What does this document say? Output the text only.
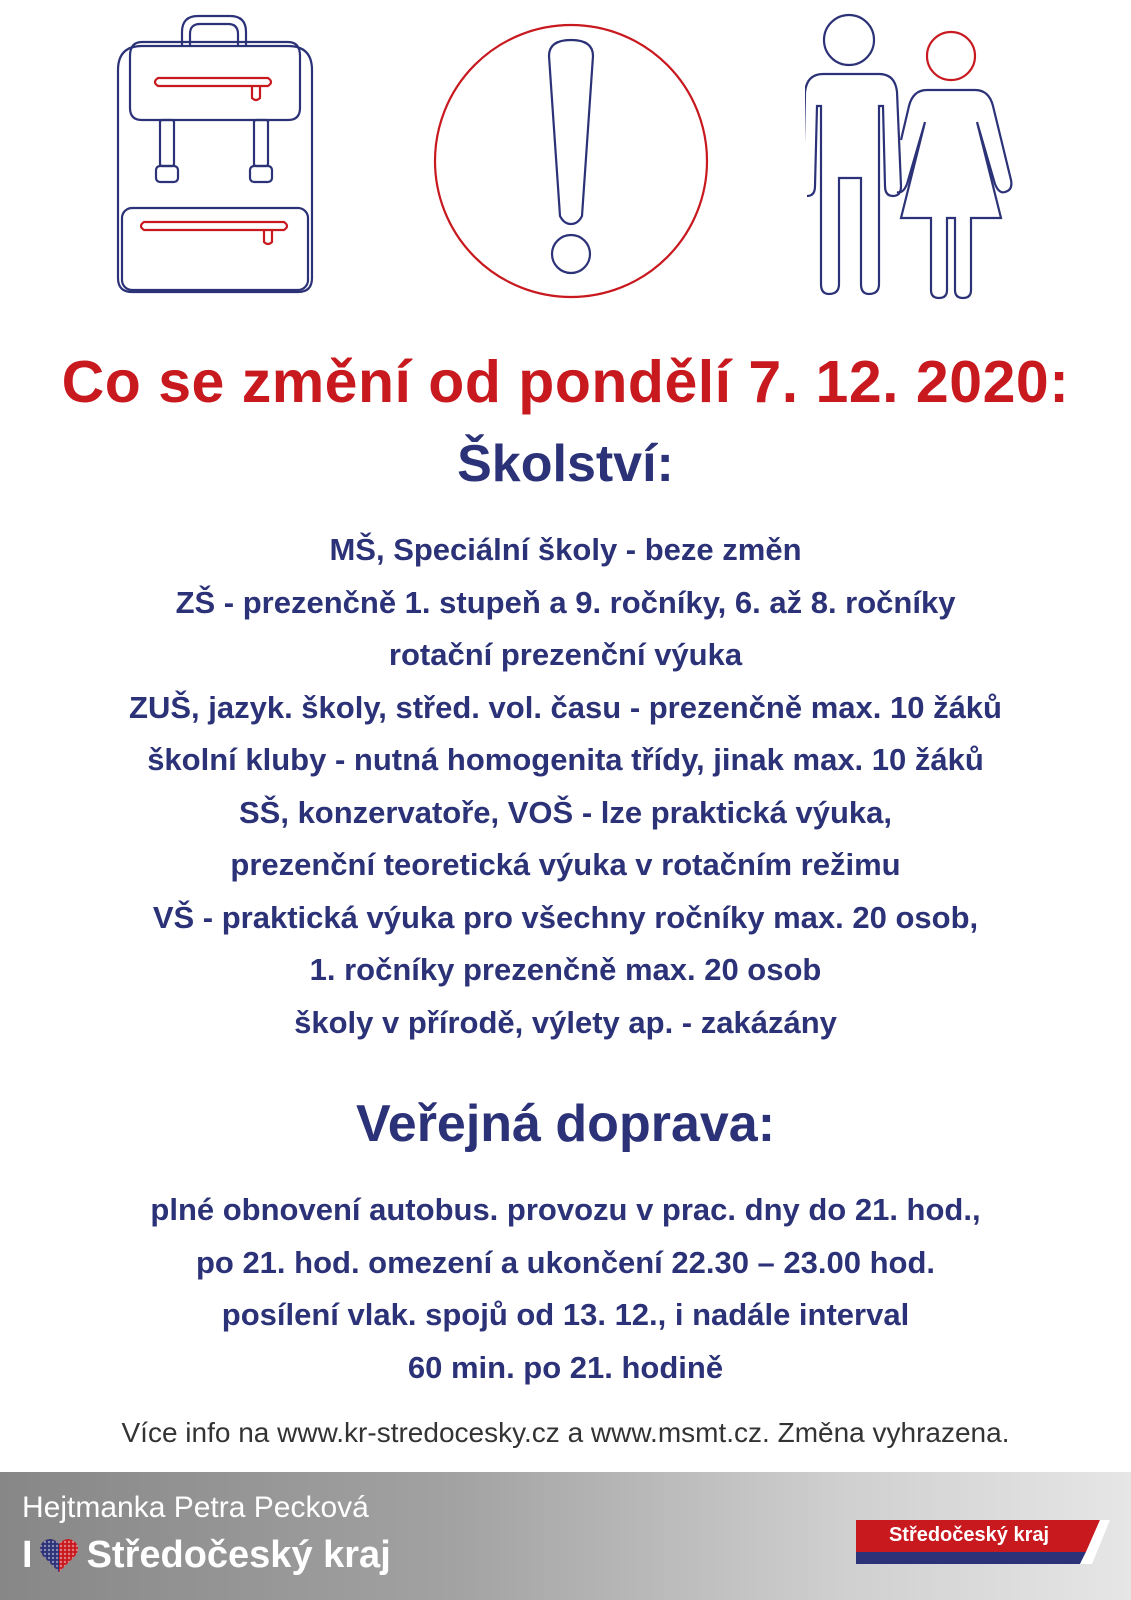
Co se změní od pondělí 7. 12. 2020:
Školství:
MŠ, Speciální školy - beze změn
ZŠ - prezenčně 1. stupeň a 9. ročníky, 6. až 8. ročníky
rotační prezenční výuka
ZUŠ, jazyk. školy, střed. vol. času - prezenčně max. 10 žáků
školní kluby - nutná homogenita třídy, jinak max. 10 žáků
SŠ, konzervatoře, VOŠ - lze praktická výuka,
prezenční teoretická výuka v rotačním režimu
VŠ - praktická výuka pro všechny ročníky max. 20 osob,
1. ročníky prezenčně max. 20 osob
školy v přírodě, výlety ap. - zakázány
Veřejná doprava:
plné obnovení autobus. provozu v prac. dny do 21. hod.,
po 21. hod. omezení a ukončení 22.30 – 23.00 hod.
posílení vlak. spojů od 13. 12., i nadále interval
60 min. po 21. hodině
Více info na www.kr-stredocesky.cz a www.msmt.cz. Změna vyhrazena.
Hejtmanka Petra Pecková
I Středočeský kraj	Středočeský kraj
